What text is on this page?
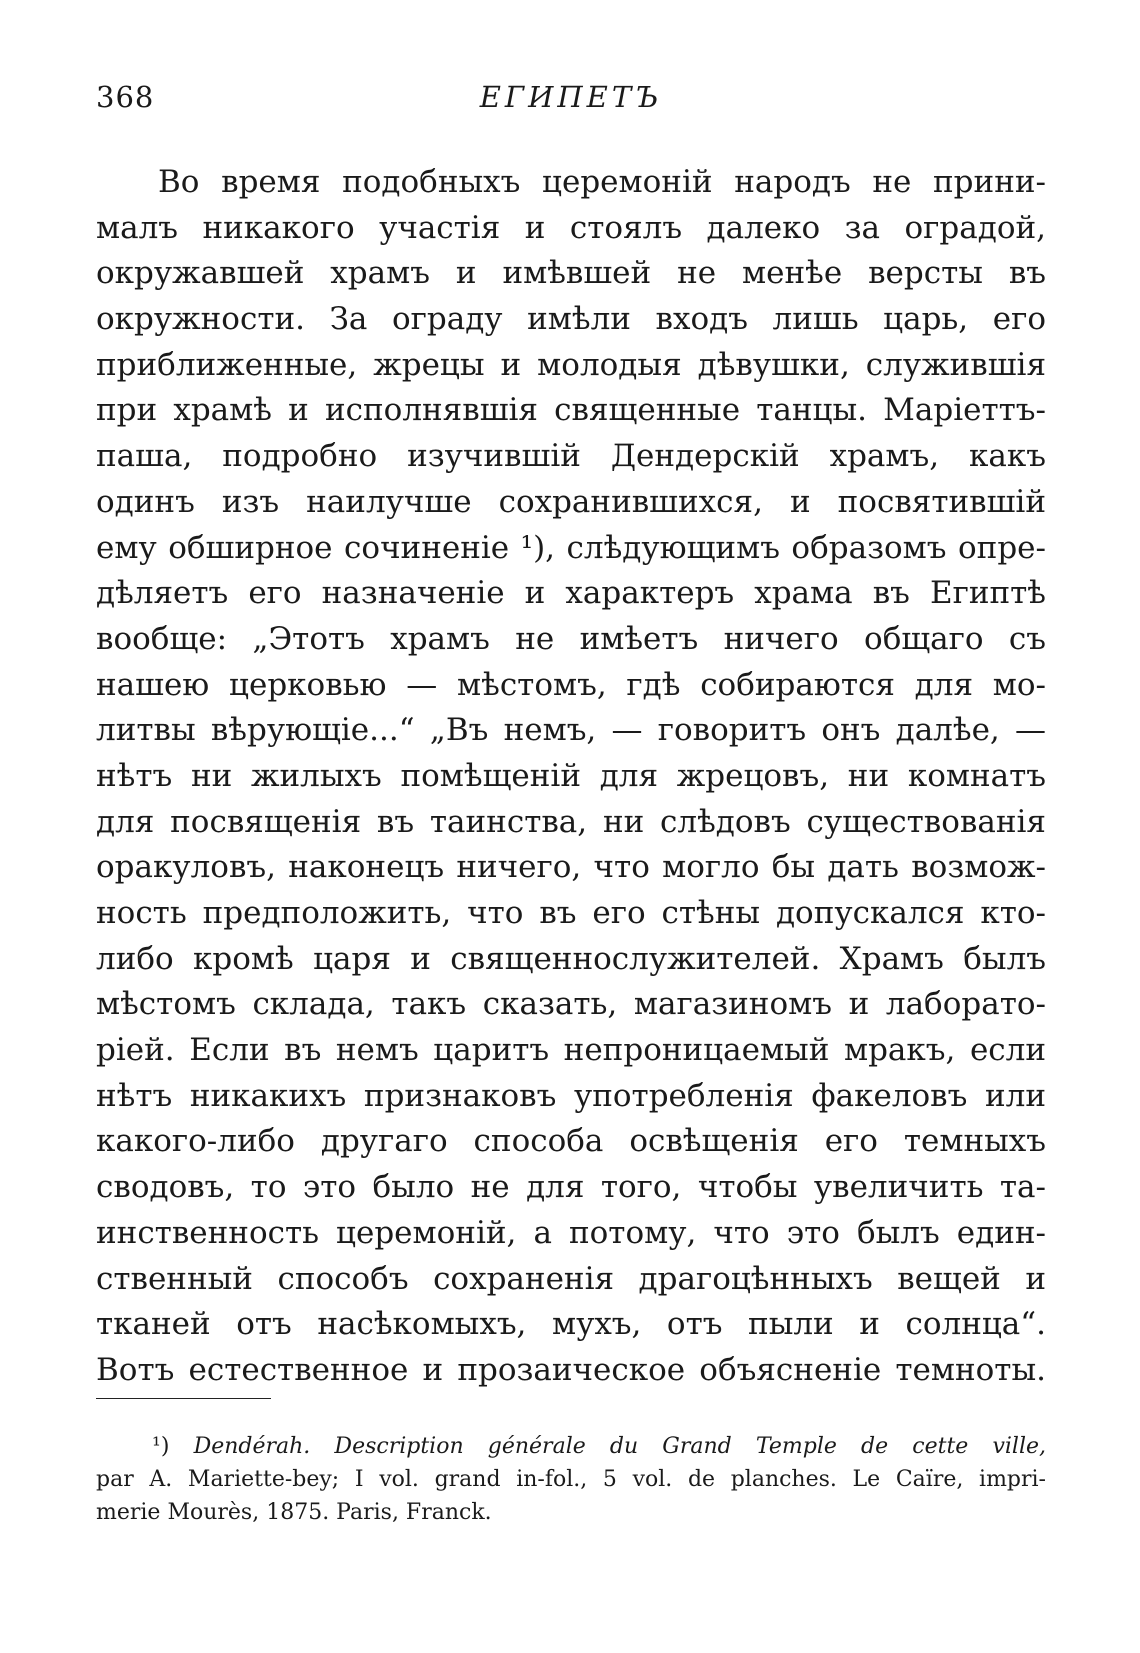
368	ЕГИПЕТЪ
Во время подобныхъ церемоній народъ не прини-
малъ никакого участія и стоялъ далеко за оградой,
окружавшей храмъ и имѣвшей не менѣе версты въ
окружности. За ограду имѣли входъ лишь царь, его
приближенные, жрецы и молодыя дѣвушки, служившія
при храмѣ и исполнявшія священные танцы. Маріеттъ-
паша, подробно изучившій Дендерскій храмъ, какъ
одинъ изъ наилучше сохранившихся, и посвятившій
ему обширное сочиненіе ¹), слѣдующимъ образомъ опре-
дѣляетъ его назначеніе и характеръ храма въ Египтѣ
вообще: „Этотъ храмъ не имѣетъ ничего общаго съ
нашею церковью — мѣстомъ, гдѣ собираются для мо-
литвы вѣрующіе...“ „Въ немъ, — говоритъ онъ далѣе, —
нѣтъ ни жилыхъ помѣщеній для жрецовъ, ни комнатъ
для посвященія въ таинства, ни слѣдовъ существованія
оракуловъ, наконецъ ничего, что могло бы дать возмож-
ность предположить, что въ его стѣны допускался кто-
либо кромѣ царя и священнослужителей. Храмъ былъ
мѣстомъ склада, такъ сказать, магазиномъ и лаборато-
ріей. Если въ немъ царитъ непроницаемый мракъ, если
нѣтъ никакихъ признаковъ употребленія факеловъ или
какого-либо другаго способа освѣщенія его темныхъ
сводовъ, то это было не для того, чтобы увеличить та-
инственность церемоній, а потому, что это былъ един-
ственный способъ сохраненія драгоцѣнныхъ вещей и
тканей отъ насѣкомыхъ, мухъ, отъ пыли и солнца“.
Вотъ естественное и прозаическое объясненіе темноты.
¹) Dendérah. Description générale du Grand Temple de cette ville,
par A. Mariette-bey; I vol. grand in-fol., 5 vol. de planches. Le Caïre, impri-
merie Mourès, 1875. Paris, Franck.
